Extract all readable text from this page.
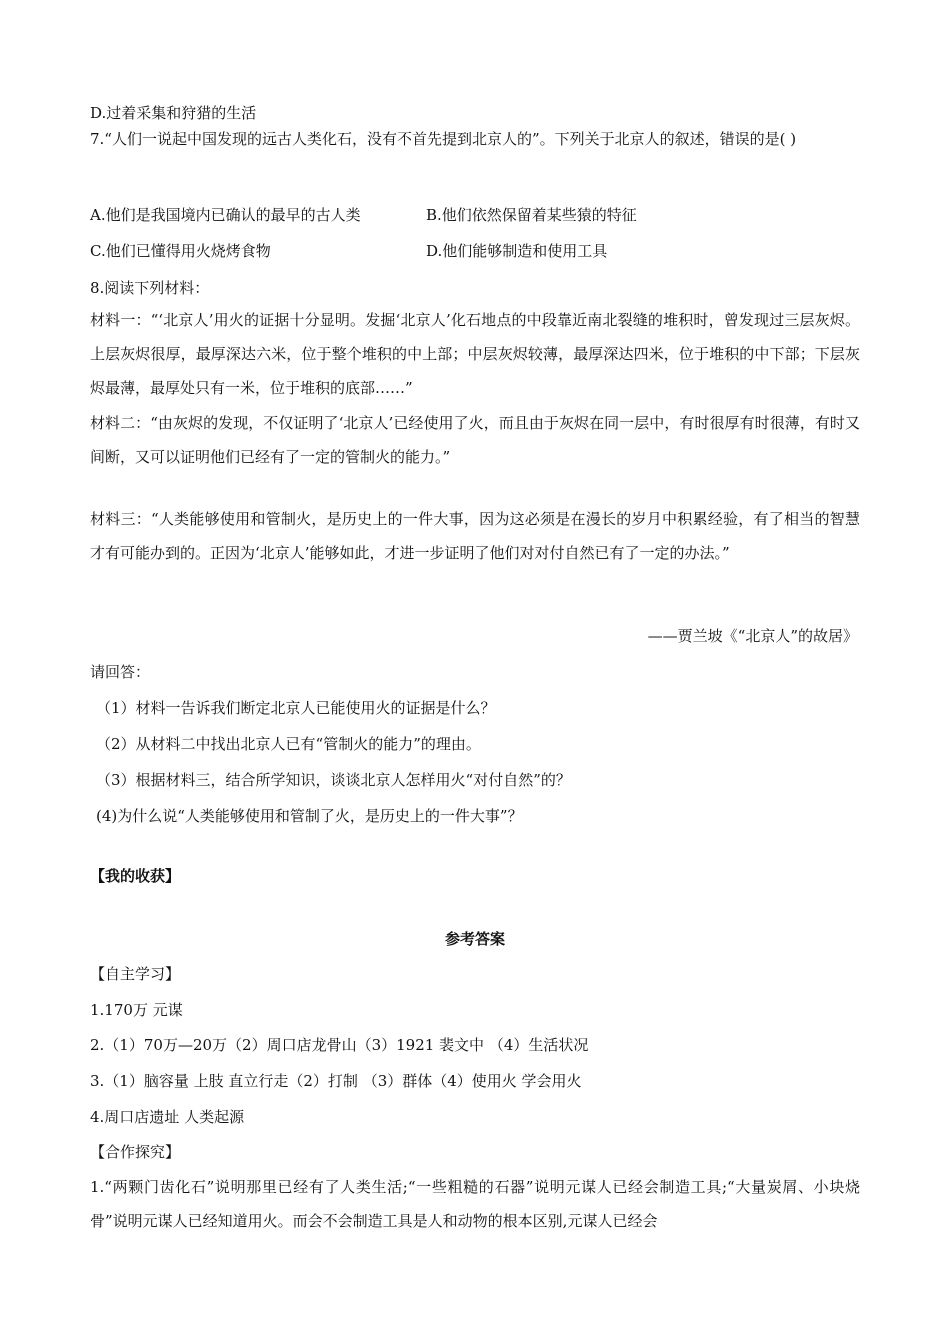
D.过着采集和狩猎的生活
7.“人们一说起中国发现的远古人类化石，没有不首先提到北京人的”。下列关于北京人的叙述，错误的是( )
A.他们是我国境内已确认的最早的古人类	B.他们依然保留着某些猿的特征
C.他们已懂得用火烧烤食物	D.他们能够制造和使用工具
8.阅读下列材料：
材料一：“‘北京人’用火的证据十分显明。发掘‘北京人’化石地点的中段靠近南北裂缝的堆积时，曾发现过三层灰烬。上层灰烬很厚，最厚深达六米，位于整个堆积的中上部；中层灰烬较薄，最厚深达四米，位于堆积的中下部；下层灰烬最薄，最厚处只有一米，位于堆积的底部……”
材料二：“由灰烬的发现，不仅证明了‘北京人’已经使用了火，而且由于灰烬在同一层中，有时很厚有时很薄，有时又间断，又可以证明他们已经有了一定的管制火的能力。”
材料三：“人类能够使用和管制火，是历史上的一件大事，因为这必须是在漫长的岁月中积累经验，有了相当的智慧才有可能办到的。正因为‘北京人’能够如此，才进一步证明了他们对对付自然已有了一定的办法。”
——贾兰坡《“北京人”的故居》
请回答：
（1）材料一告诉我们断定北京人已能使用火的证据是什么？
（2）从材料二中找出北京人已有“管制火的能力”的理由。
（3）根据材料三，结合所学知识，谈谈北京人怎样用火“对付自然”的？
(4)为什么说“人类能够使用和管制了火，是历史上的一件大事”？
【我的收获】
参考答案
【自主学习】
1.170万 元谋
2.（1）70万—20万（2）周口店龙骨山（3）1921 裴文中 （4）生活状况
3.（1）脑容量 上肢 直立行走（2）打制 （3）群体（4）使用火 学会用火
4.周口店遗址 人类起源
【合作探究】
1.“两颗门齿化石”说明那里已经有了人类生活;“一些粗糙的石器”说明元谋人已经会制造工具;“大量炭屑、小块烧骨”说明元谋人已经知道用火。而会不会制造工具是人和动物的根本区别,元谋人已经会
